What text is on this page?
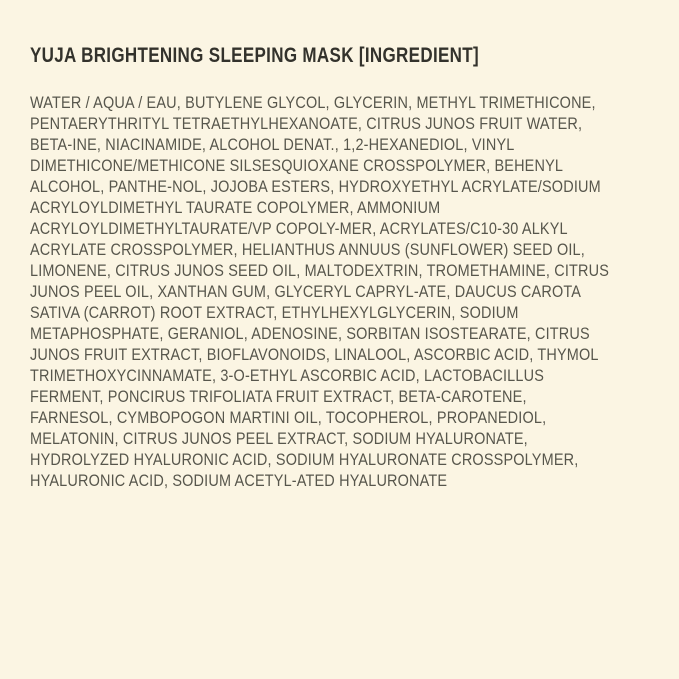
YUJA BRIGHTENING SLEEPING MASK [INGREDIENT]
WATER / AQUA / EAU, BUTYLENE GLYCOL, GLYCERIN, METHYL TRIMETHICONE,
PENTAERYTHRITYL TETRAETHYLHEXANOATE, CITRUS JUNOS FRUIT WATER,
BETA-INE, NIACINAMIDE, ALCOHOL DENAT., 1,2-HEXANEDIOL, VINYL
DIMETHICONE/METHICONE SILSESQUIOXANE CROSSPOLYMER, BEHENYL
ALCOHOL, PANTHE-NOL, JOJOBA ESTERS, HYDROXYETHYL ACRYLATE/SODIUM
ACRYLOYLDIMETHYL TAURATE COPOLYMER, AMMONIUM
ACRYLOYLDIMETHYLTAURATE/VP COPOLY-MER, ACRYLATES/C10-30 ALKYL
ACRYLATE CROSSPOLYMER, HELIANTHUS ANNUUS (SUNFLOWER) SEED OIL,
LIMONENE, CITRUS JUNOS SEED OIL, MALTODEXTRIN, TROMETHAMINE, CITRUS
JUNOS PEEL OIL, XANTHAN GUM, GLYCERYL CAPRYL-ATE, DAUCUS CAROTA
SATIVA (CARROT) ROOT EXTRACT, ETHYLHEXYLGLYCERIN, SODIUM
METAPHOSPHATE, GERANIOL, ADENOSINE, SORBITAN ISOSTEARATE, CITRUS
JUNOS FRUIT EXTRACT, BIOFLAVONOIDS, LINALOOL, ASCORBIC ACID, THYMOL
TRIMETHOXYCINNAMATE, 3-O-ETHYL ASCORBIC ACID, LACTOBACILLUS
FERMENT, PONCIRUS TRIFOLIATA FRUIT EXTRACT, BETA-CAROTENE,
FARNESOL, CYMBOPOGON MARTINI OIL, TOCOPHEROL, PROPANEDIOL,
MELATONIN, CITRUS JUNOS PEEL EXTRACT, SODIUM HYALURONATE,
HYDROLYZED HYALURONIC ACID, SODIUM HYALURONATE CROSSPOLYMER,
HYALURONIC ACID, SODIUM ACETYL-ATED HYALURONATE
